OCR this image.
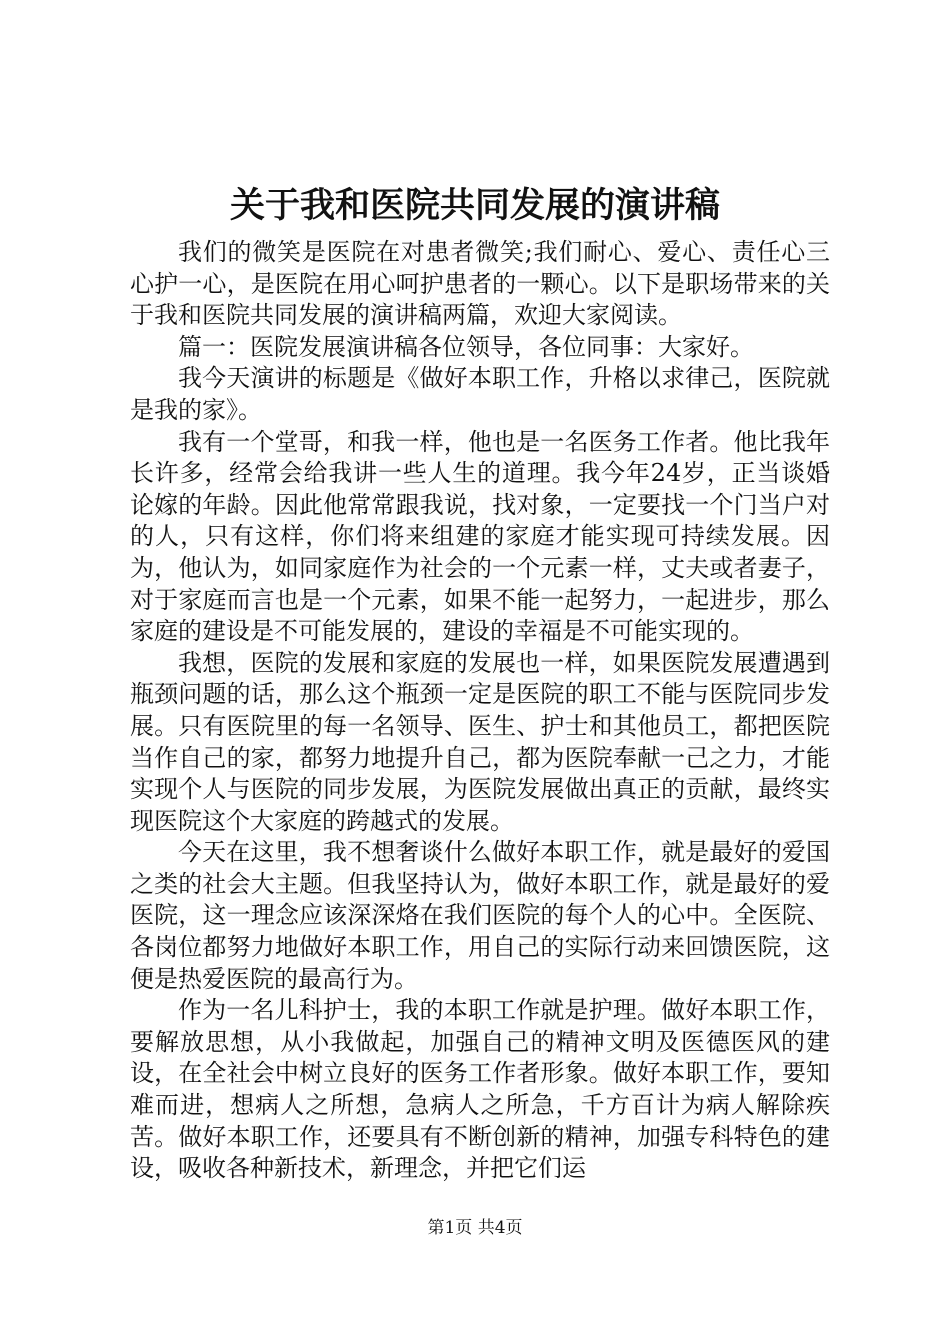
关于我和医院共同发展的演讲稿

我们的微笑是医院在对患者微笑;我们耐心、爱心、责任心三心护一心，是医院在用心呵护患者的一颗心。以下是职场带来的关于我和医院共同发展的演讲稿两篇，欢迎大家阅读。

篇一：医院发展演讲稿各位领导，各位同事：大家好。

我今天演讲的标题是《做好本职工作，升格以求律己，医院就是我的家》。

我有一个堂哥，和我一样，他也是一名医务工作者。他比我年长许多，经常会给我讲一些人生的道理。我今年24岁，正当谈婚论嫁的年龄。因此他常常跟我说，找对象，一定要找一个门当户对的人，只有这样，你们将来组建的家庭才能实现可持续发展。因为，他认为，如同家庭作为社会的一个元素一样，丈夫或者妻子，对于家庭而言也是一个元素，如果不能一起努力，一起进步，那么家庭的建设是不可能发展的，建设的幸福是不可能实现的。

我想，医院的发展和家庭的发展也一样，如果医院发展遭遇到瓶颈问题的话，那么这个瓶颈一定是医院的职工不能与医院同步发展。只有医院里的每一名领导、医生、护士和其他员工，都把医院当作自己的家，都努力地提升自己，都为医院奉献一己之力，才能实现个人与医院的同步发展，为医院发展做出真正的贡献，最终实现医院这个大家庭的跨越式的发展。

今天在这里，我不想奢谈什么做好本职工作，就是最好的爱国之类的社会大主题。但我坚持认为，做好本职工作，就是最好的爱医院，这一理念应该深深烙在我们医院的每个人的心中。全医院、各岗位都努力地做好本职工作，用自己的实际行动来回馈医院，这便是热爱医院的最高行为。

作为一名儿科护士，我的本职工作就是护理。做好本职工作，要解放思想，从小我做起，加强自己的精神文明及医德医风的建设，在全社会中树立良好的医务工作者形象。做好本职工作，要知难而进，想病人之所想，急病人之所急，千方百计为病人解除疾苦。做好本职工作，还要具有不断创新的精神，加强专科特色的建设，吸收各种新技术，新理念，并把它们运

第1页 共4页
